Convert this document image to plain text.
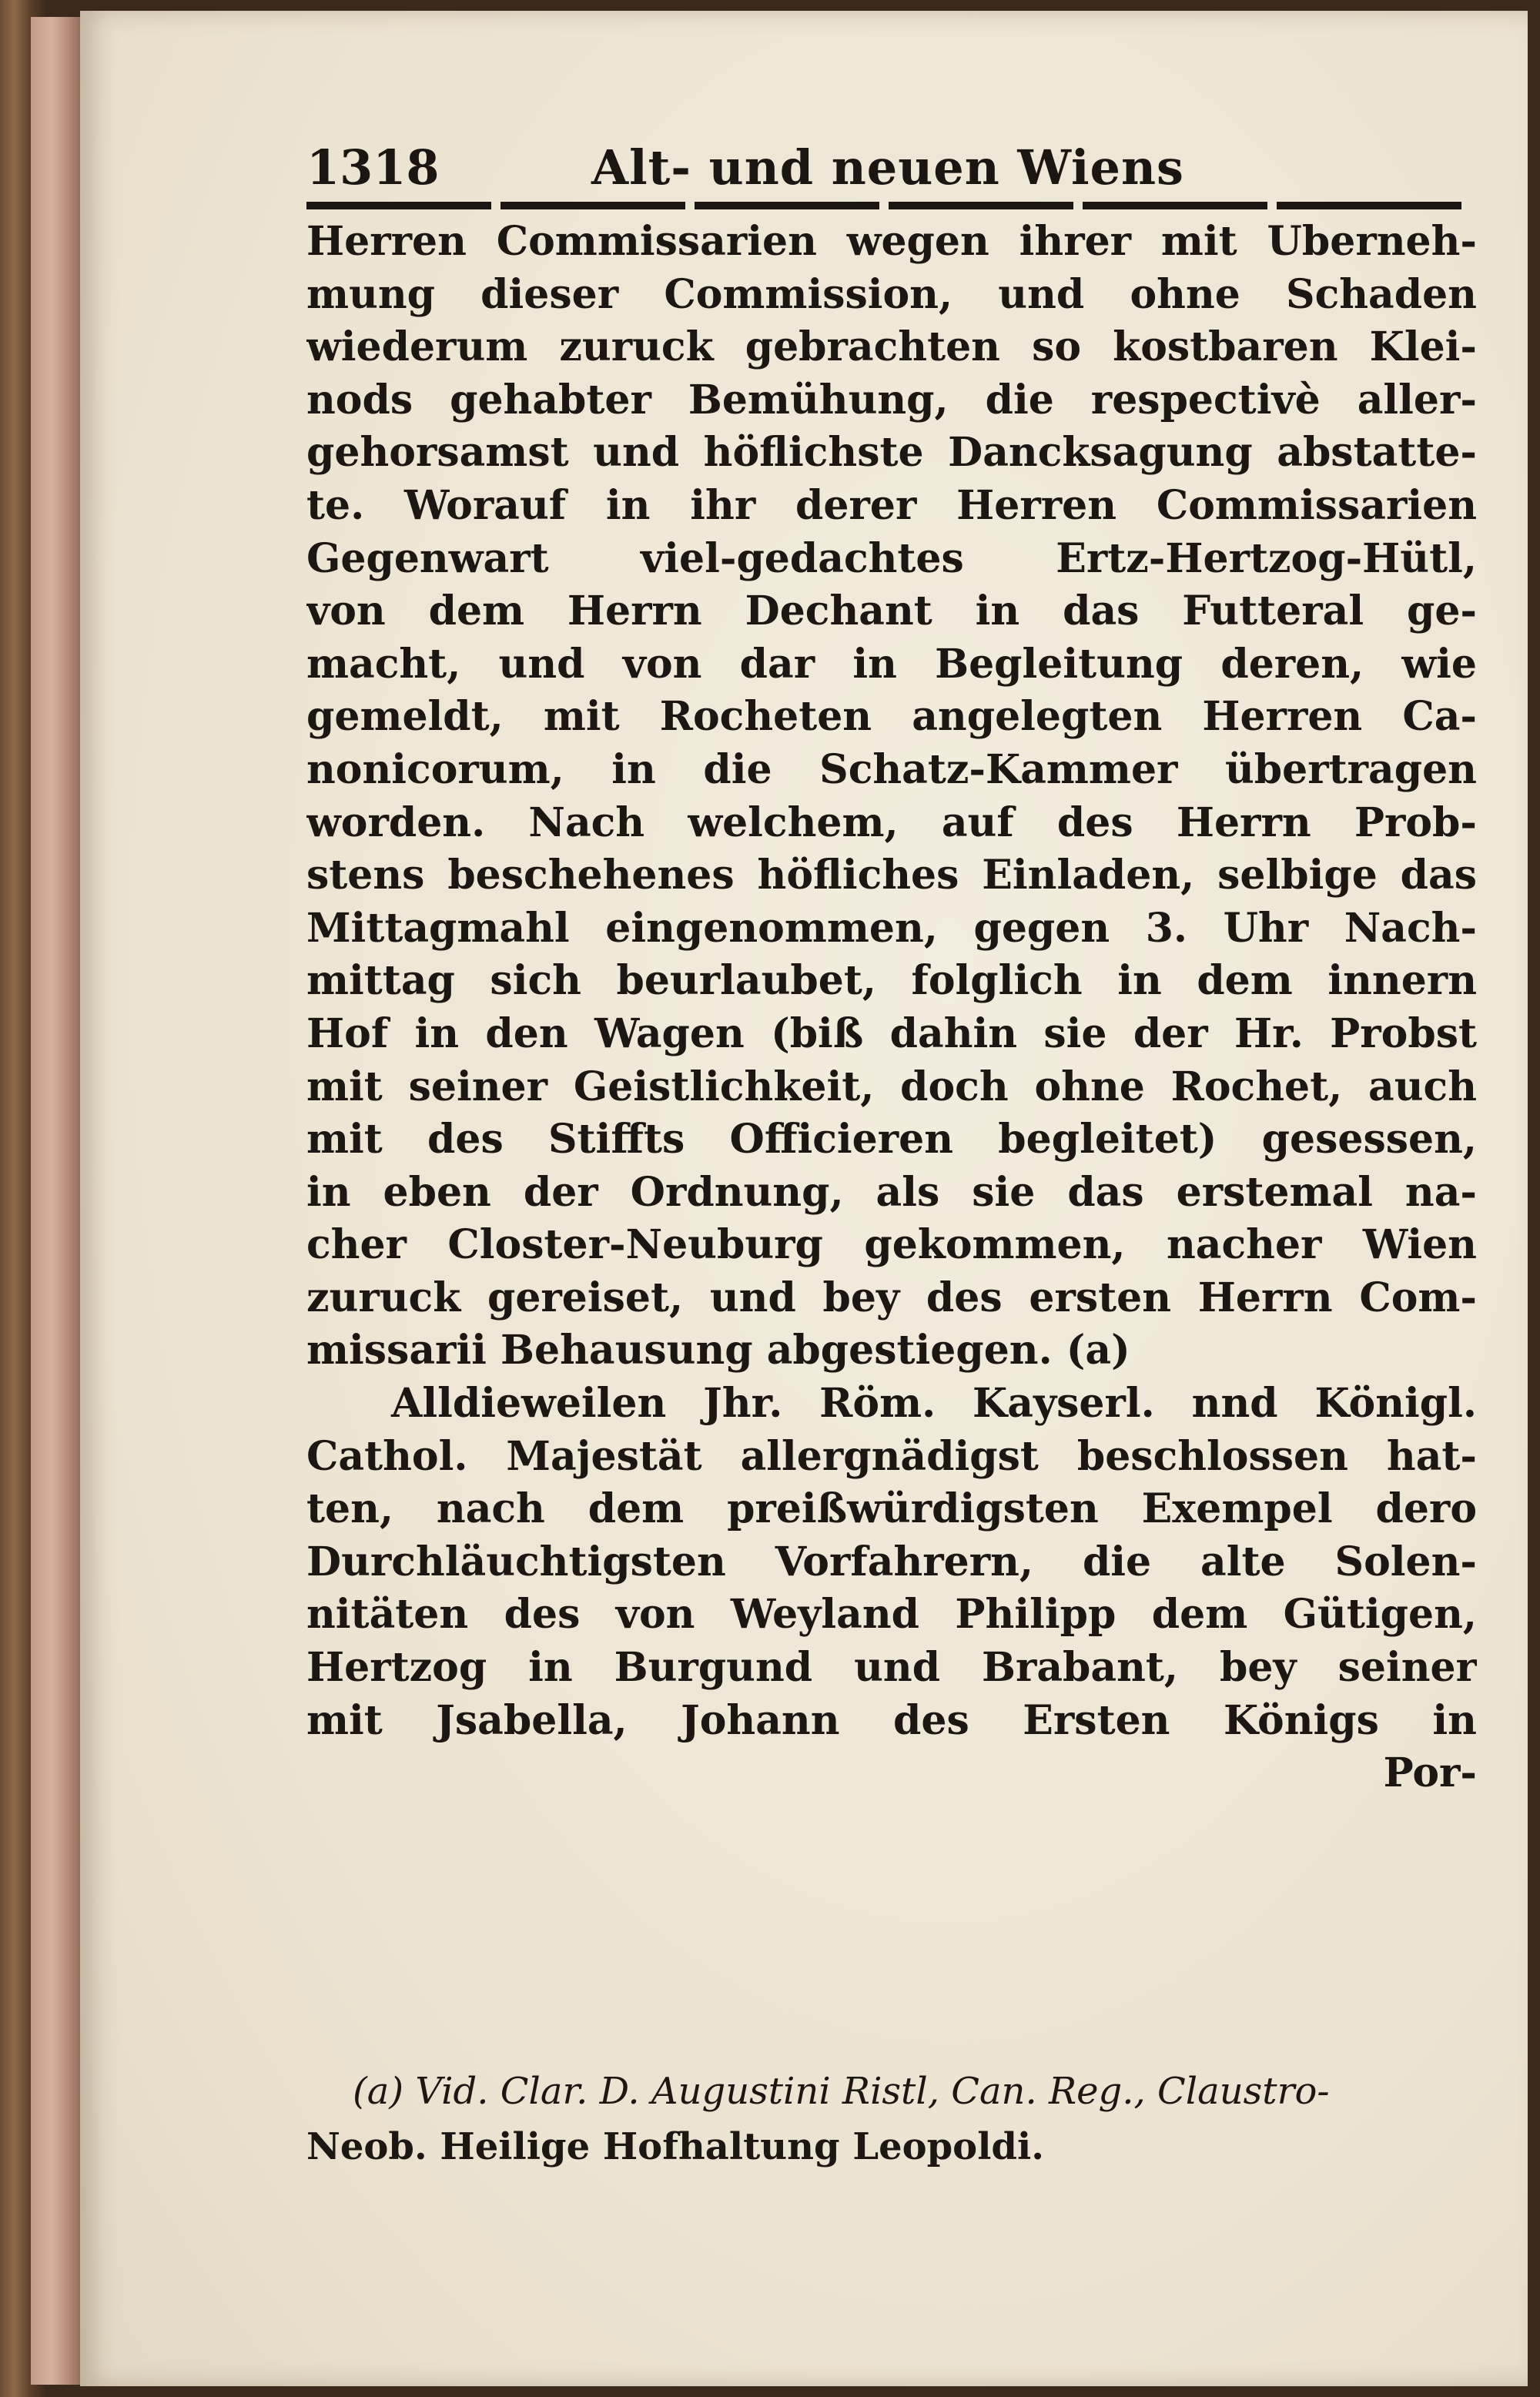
1318	Alt- und neuen Wiens
Herren Commissarien wegen ihrer mit Uberneh-
mung dieser Commission, und ohne Schaden
wiederum zuruck gebrachten so kostbaren Klei-
nods gehabter Bemühung, die respectivè aller-
gehorsamst und höflichste Dancksagung abstatte-
te. Worauf in ihr derer Herren Commissarien
Gegenwart viel-gedachtes Ertz-Hertzog-Hütl,
von dem Herrn Dechant in das Futteral ge-
macht, und von dar in Begleitung deren, wie
gemeldt, mit Rocheten angelegten Herren Ca-
nonicorum, in die Schatz-Kammer übertragen
worden. Nach welchem, auf des Herrn Prob-
stens beschehenes höfliches Einladen, selbige das
Mittagmahl eingenommen, gegen 3. Uhr Nach-
mittag sich beurlaubet, folglich in dem innern
Hof in den Wagen (biß dahin sie der Hr. Probst
mit seiner Geistlichkeit, doch ohne Rochet, auch
mit des Stiffts Officieren begleitet) gesessen,
in eben der Ordnung, als sie das erstemal na-
cher Closter-Neuburg gekommen, nacher Wien
zuruck gereiset, und bey des ersten Herrn Com-
missarii Behausung abgestiegen. (a)
Alldieweilen Jhr. Röm. Kayserl. nnd Königl.
Cathol. Majestät allergnädigst beschlossen hat-
ten, nach dem preißwürdigsten Exempel dero
Durchläuchtigsten Vorfahrern, die alte Solen-
nitäten des von Weyland Philipp dem Gütigen,
Hertzog in Burgund und Brabant, bey seiner
mit Jsabella, Johann des Ersten Königs in
Por-
(a) Vid. Clar. D. Augustini Ristl, Can. Reg., Claustro-
Neob. Heilige Hofhaltung Leopoldi.
